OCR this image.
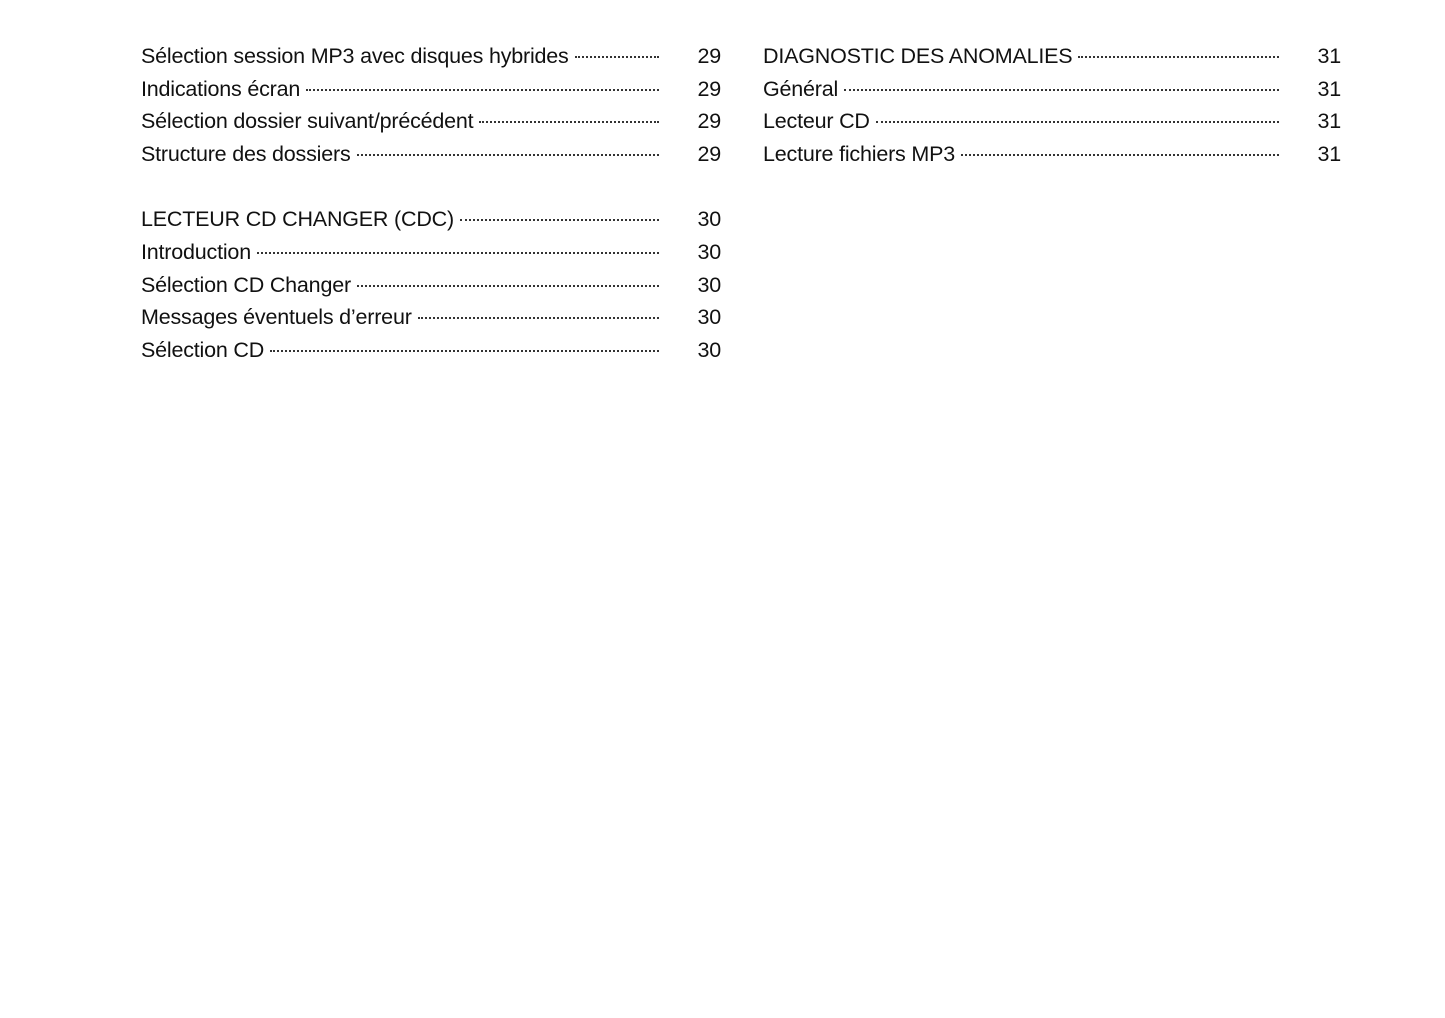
Sélection session MP3 avec disques hybrides	29
Indications écran	29
Sélection dossier suivant/précédent	29
Structure des dossiers	29
LECTEUR CD CHANGER (CDC)	30
Introduction	30
Sélection CD Changer	30
Messages éventuels d’erreur	30
Sélection CD	30
DIAGNOSTIC DES ANOMALIES	31
Général	31
Lecteur CD	31
Lecture fichiers MP3	31
